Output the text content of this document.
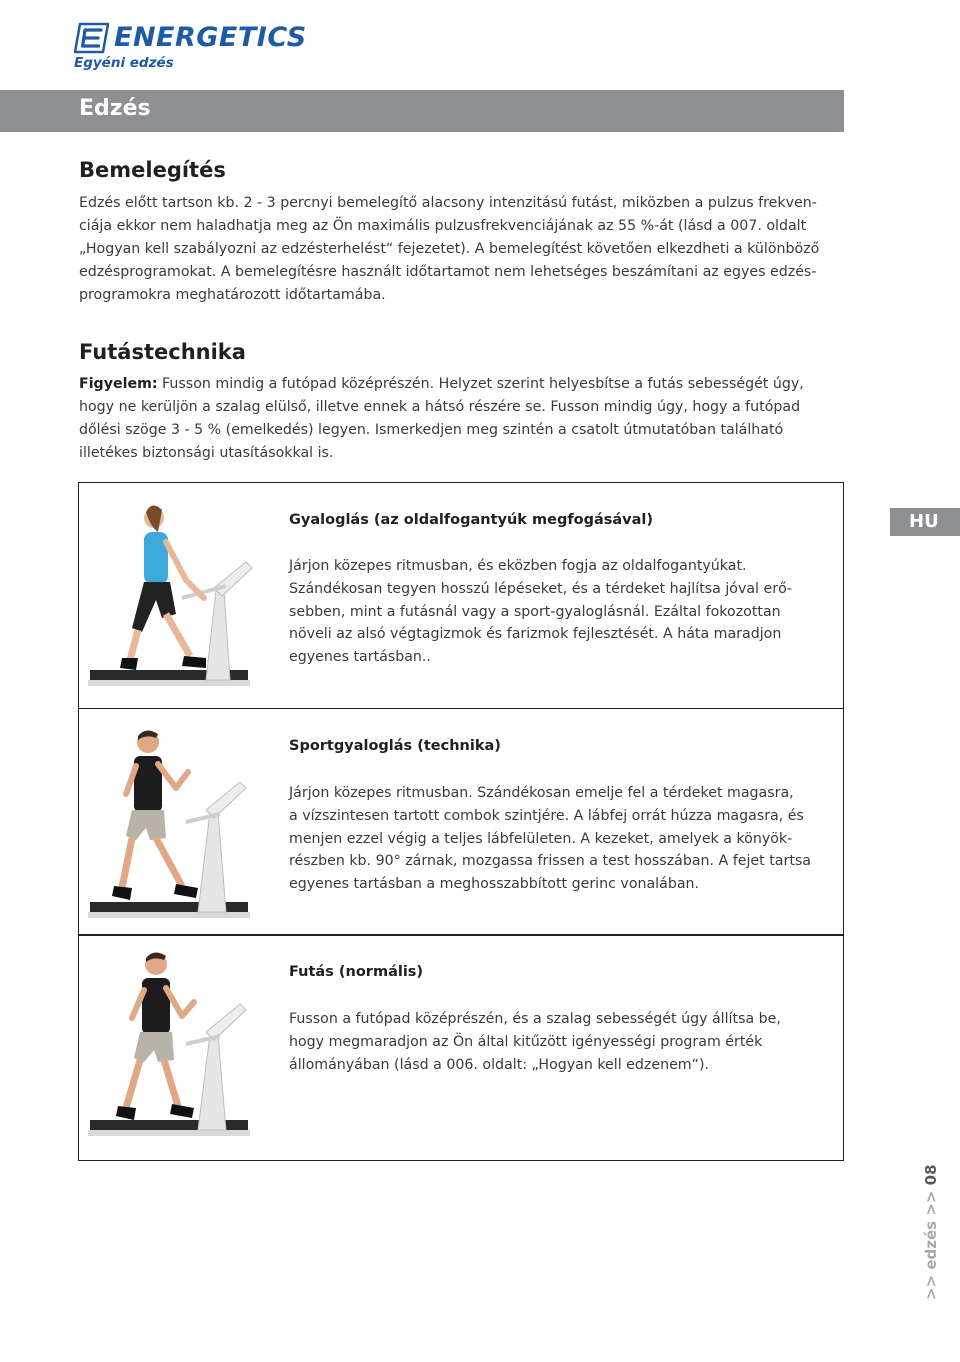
ENERGETICS
Egyéni edzés
Edzés
Bemelegítés
Edzés előtt tartson kb. 2 - 3 percnyi bemelegítő alacsony intenzitású futást, miközben a pulzus frekven-
ciája ekkor nem haladhatja meg az Ön maximális pulzusfrekvenciájának az 55 %-át (lásd a 007. oldalt
„Hogyan kell szabályozni az edzésterhelést“ fejezetet). A bemelegítést követően elkezdheti a különböző
edzésprogramokat. A bemelegítésre használt időtartamot nem lehetséges beszámítani az egyes edzés-
programokra meghatározott időtartamába.
Futástechnika
Figyelem: Fusson mindig a futópad középrészén. Helyzet szerint helyesbítse a futás sebességét úgy,
hogy ne kerüljön a szalag elülső, illetve ennek a hátsó részére se. Fusson mindig úgy, hogy a futópad
dőlési szöge 3 - 5 % (emelkedés) legyen. Ismerkedjen meg szintén a csatolt útmutatóban található
illetékes biztonsági utasításokkal is.
Gyaloglás (az oldalfogantyúk megfogásával)
Járjon közepes ritmusban, és eközben fogja az oldalfogantyúkat.
Szándékosan tegyen hosszú lépéseket, és a térdeket hajlítsa jóval erő-
sebben, mint a futásnál vagy a sport-gyaloglásnál. Ezáltal fokozottan
növeli az alsó végtagizmok és farizmok fejlesztését. A háta maradjon
egyenes tartásban..
Sportgyaloglás (technika)
Járjon közepes ritmusban. Szándékosan emelje fel a térdeket magasra,
a vízszintesen tartott combok szintjére. A lábfej orrát húzza magasra, és
menjen ezzel végig a teljes lábfelületen. A kezeket, amelyek a könyök-
részben kb. 90° zárnak, mozgassa frissen a test hosszában. A fejet tartsa
egyenes tartásban a meghosszabbított gerinc vonalában.
Futás (normális)
Fusson a futópad középrészén, és a szalag sebességét úgy állítsa be,
hogy megmaradjon az Ön által kitűzött igényességi program érték
állományában (lásd a 006. oldalt: „Hogyan kell edzenem“).
HU
>> edzés >> 08
